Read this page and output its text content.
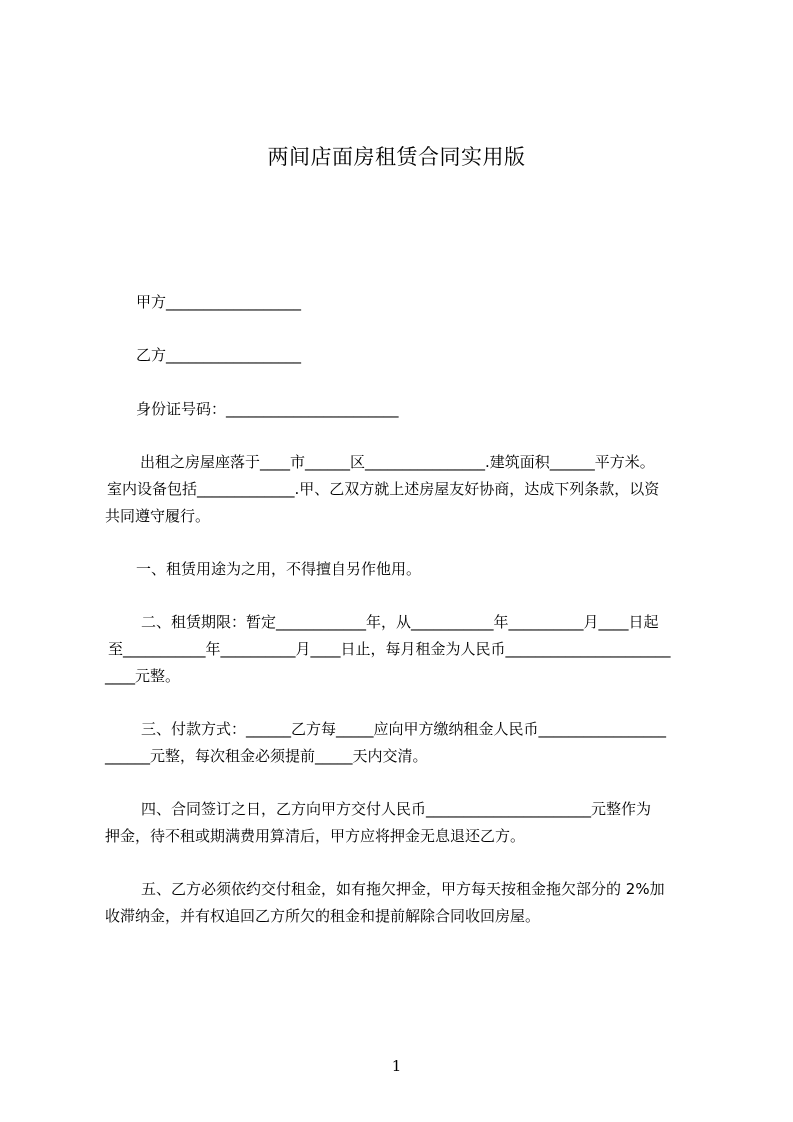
两间店面房租赁合同实用版
甲方__________________
乙方__________________
身份证号码：_______________________
出租之房屋座落于____市______区________________.建筑面积______平方米。
室内设备包括_____________.甲、乙双方就上述房屋友好协商，达成下列条款，以资
共同遵守履行。
一、租赁用途为之用，不得擅自另作他用。
二、租赁期限：暂定____________年，从___________年__________月____日起
至___________年__________月____日止，每月租金为人民币______________________
____元整。
三、付款方式：______乙方每_____应向甲方缴纳租金人民币_________________
______元整，每次租金必须提前_____天内交清。
四、合同签订之日，乙方向甲方交付人民币______________________元整作为
押金，待不租或期满费用算清后，甲方应将押金无息退还乙方。
五、乙方必须依约交付租金，如有拖欠押金，甲方每天按租金拖欠部分的 2%加
收滞纳金，并有权追回乙方所欠的租金和提前解除合同收回房屋。
1
